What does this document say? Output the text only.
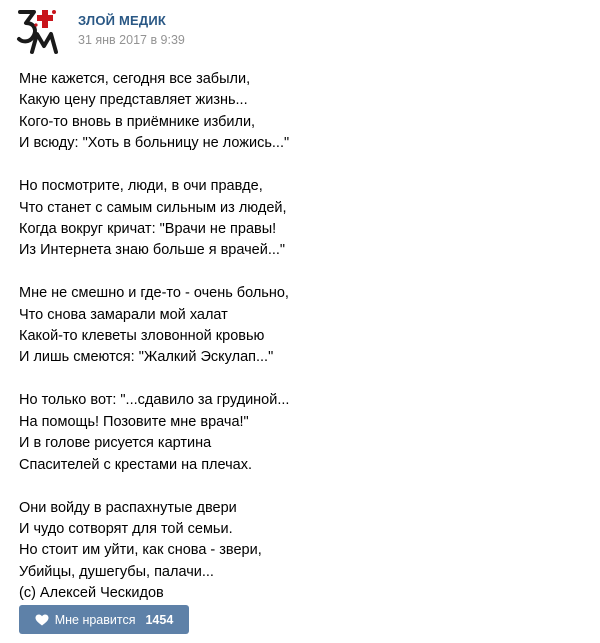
ЗЛОЙ МЕДИК
31 янв 2017 в 9:39
Мне кажется, сегодня все забыли,
Какую цену представляет жизнь...
Кого-то вновь в приёмнике избили,
И всюду: "Хоть в больницу не ложись..."
Но посмотрите, люди, в очи правде,
Что станет с самым сильным из людей,
Когда вокруг кричат: "Врачи не правы!
Из Интернета знаю больше я врачей..."
Мне не смешно и где-то - очень больно,
Что снова замарали мой халат
Какой-то клеветы зловонной кровью
И лишь смеются: "Жалкий Эскулап..."
Но только вот: "...сдавило за грудиной...
На помощь! Позовите мне врача!"
И в голове рисуется картина
Спасителей с крестами на плечах.
Они войду в распахнутые двери
И чудо сотворят для той семьи.
Но стоит им уйти, как снова - звери,
Убийцы, душегубы, палачи...
(с) Алексей Ческидов
Мне нравится 1454
